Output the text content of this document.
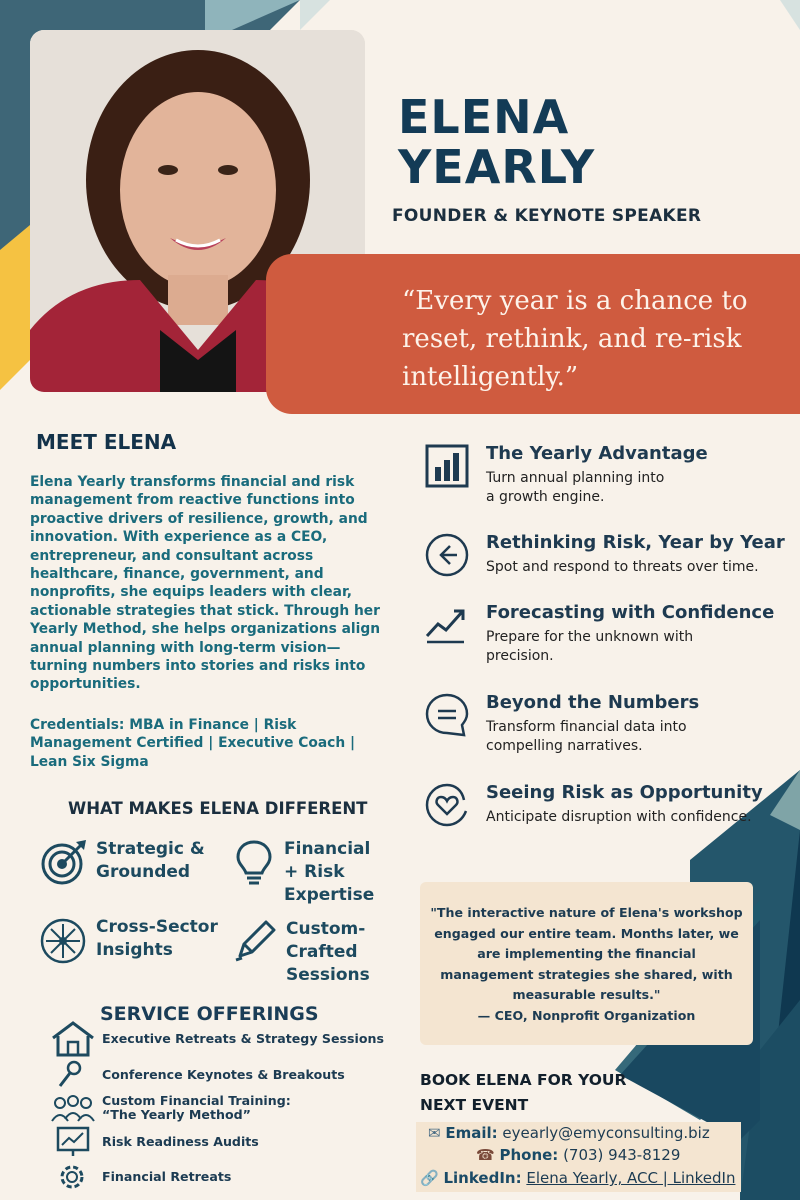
ELENA
YEARLY
FOUNDER & KEYNOTE SPEAKER
“Every year is a chance to reset, rethink, and re-risk intelligently.”
MEET ELENA
Elena Yearly transforms financial and risk management from reactive functions into proactive drivers of resilience, growth, and innovation. With experience as a CEO, entrepreneur, and consultant across healthcare, finance, government, and nonprofits, she equips leaders with clear, actionable strategies that stick. Through her Yearly Method, she helps organizations align annual planning with long-term vision—turning numbers into stories and risks into opportunities.
Credentials: MBA in Finance | Risk Management Certified | Executive Coach | Lean Six Sigma
WHAT MAKES ELENA DIFFERENT
Strategic &
Grounded
Financial
+ Risk
Expertise
Cross-Sector
Insights
Custom-
Crafted
Sessions
SERVICE OFFERINGS
Executive Retreats & Strategy Sessions
Conference Keynotes & Breakouts
Custom Financial Training:
“The Yearly Method”
Risk Readiness Audits
Financial Retreats
The Yearly Advantage
Turn annual planning into
a growth engine.
Rethinking Risk, Year by Year
Spot and respond to threats over time.
Forecasting with Confidence
Prepare for the unknown with
precision.
Beyond the Numbers
Transform financial data into
compelling narratives.
Seeing Risk as Opportunity
Anticipate disruption with confidence.
"The interactive nature of Elena's workshop
engaged our entire team. Months later, we
are implementing the financial
management strategies she shared, with
measurable results."
— CEO, Nonprofit Organization
BOOK ELENA FOR YOUR
NEXT EVENT
✉ Email: eyearly@emyconsulting.biz
☎ Phone: (703) 943-8129
🔗 LinkedIn: Elena Yearly, ACC | LinkedIn
